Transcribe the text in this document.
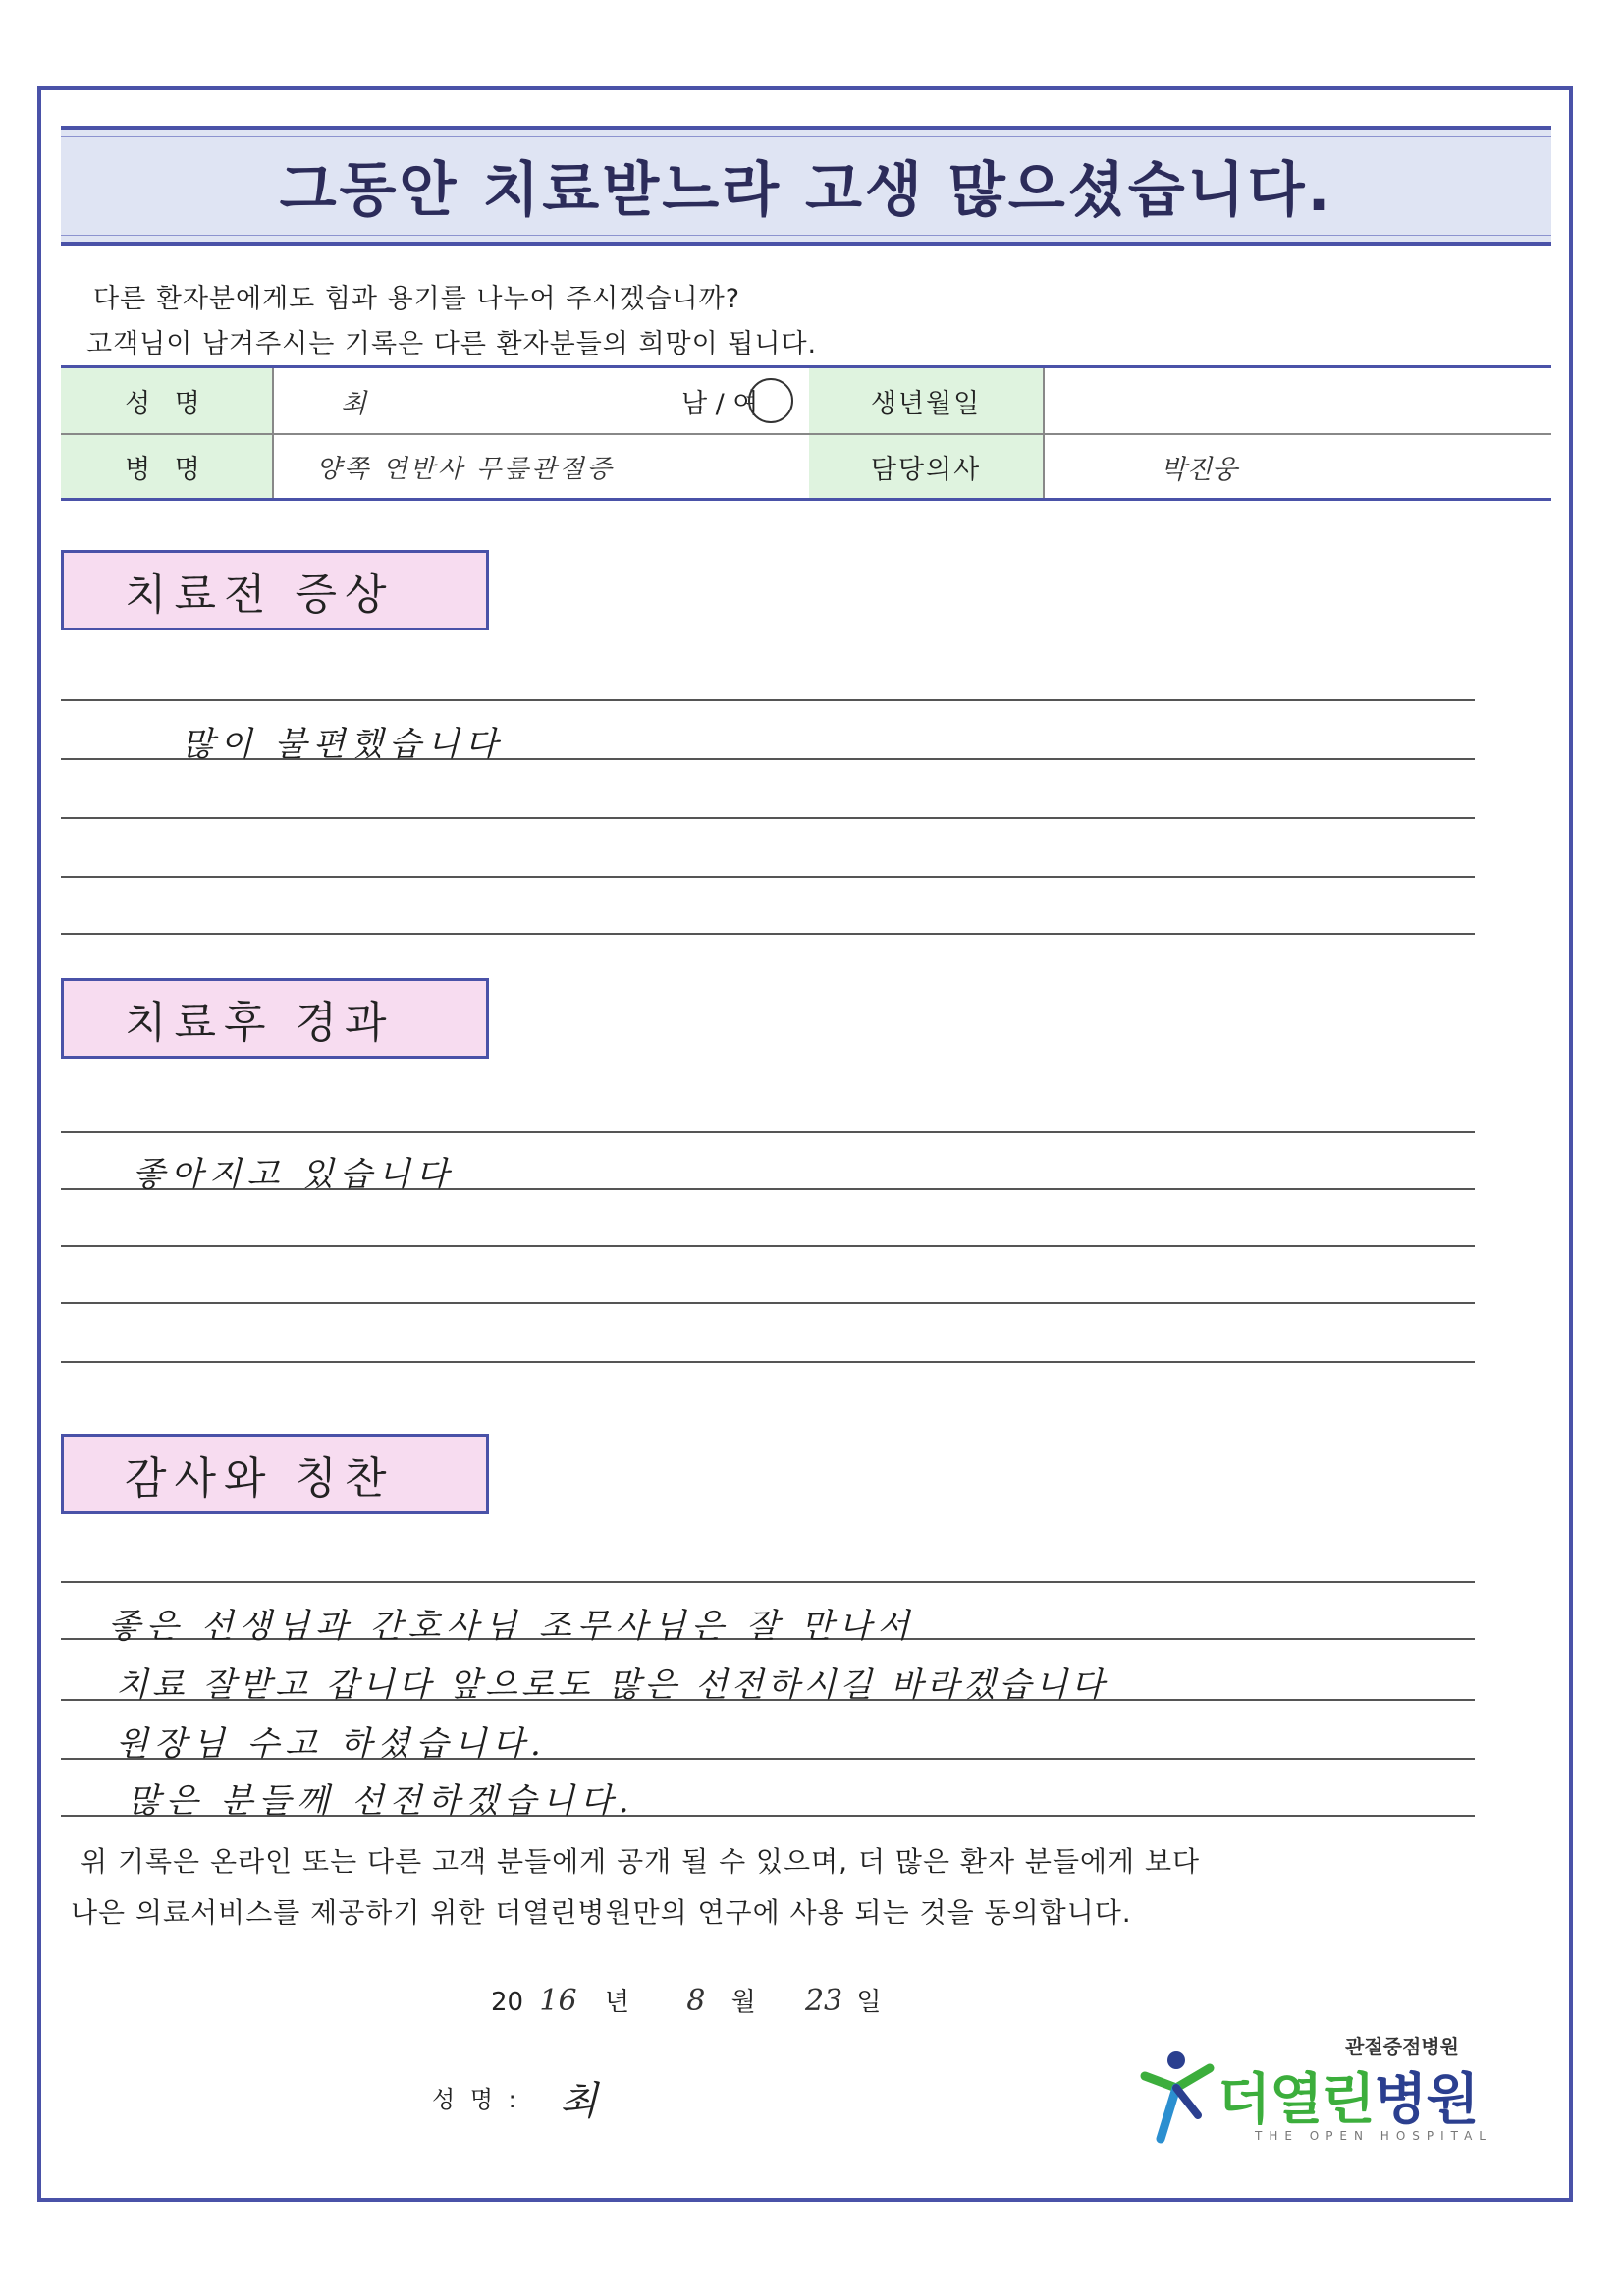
그동안 치료받느라 고생 많으셨습니다.
다른 환자분에게도 힘과 용기를 나누어 주시겠습니까?
고객님이 남겨주시는 기록은 다른 환자분들의 희망이 됩니다.
성 명	최	남 / 여	생년월일
병 명	양쪽 연반사 무릎관절증	담당의사	박진웅
치료전 증상
많이 불편했습니다
치료후 경과
좋아지고 있습니다
감사와 칭찬
좋은 선생님과 간호사님 조무사님은 잘 만나서
치료 잘받고 갑니다 앞으로도 많은 선전하시길 바라겠습니다
원장님 수고 하셨습니다.
많은 분들께 선전하겠습니다.
위 기록은 온라인 또는 다른 고객 분들에게 공개 될 수 있으며, 더 많은 환자 분들에게 보다
나은 의료서비스를 제공하기 위한 더열린병원만의 연구에 사용 되는 것을 동의합니다.
20 16 년 8 월 23 일
성 명 : 최
관절중점병원
더열린병원
THE OPEN HOSPITAL
